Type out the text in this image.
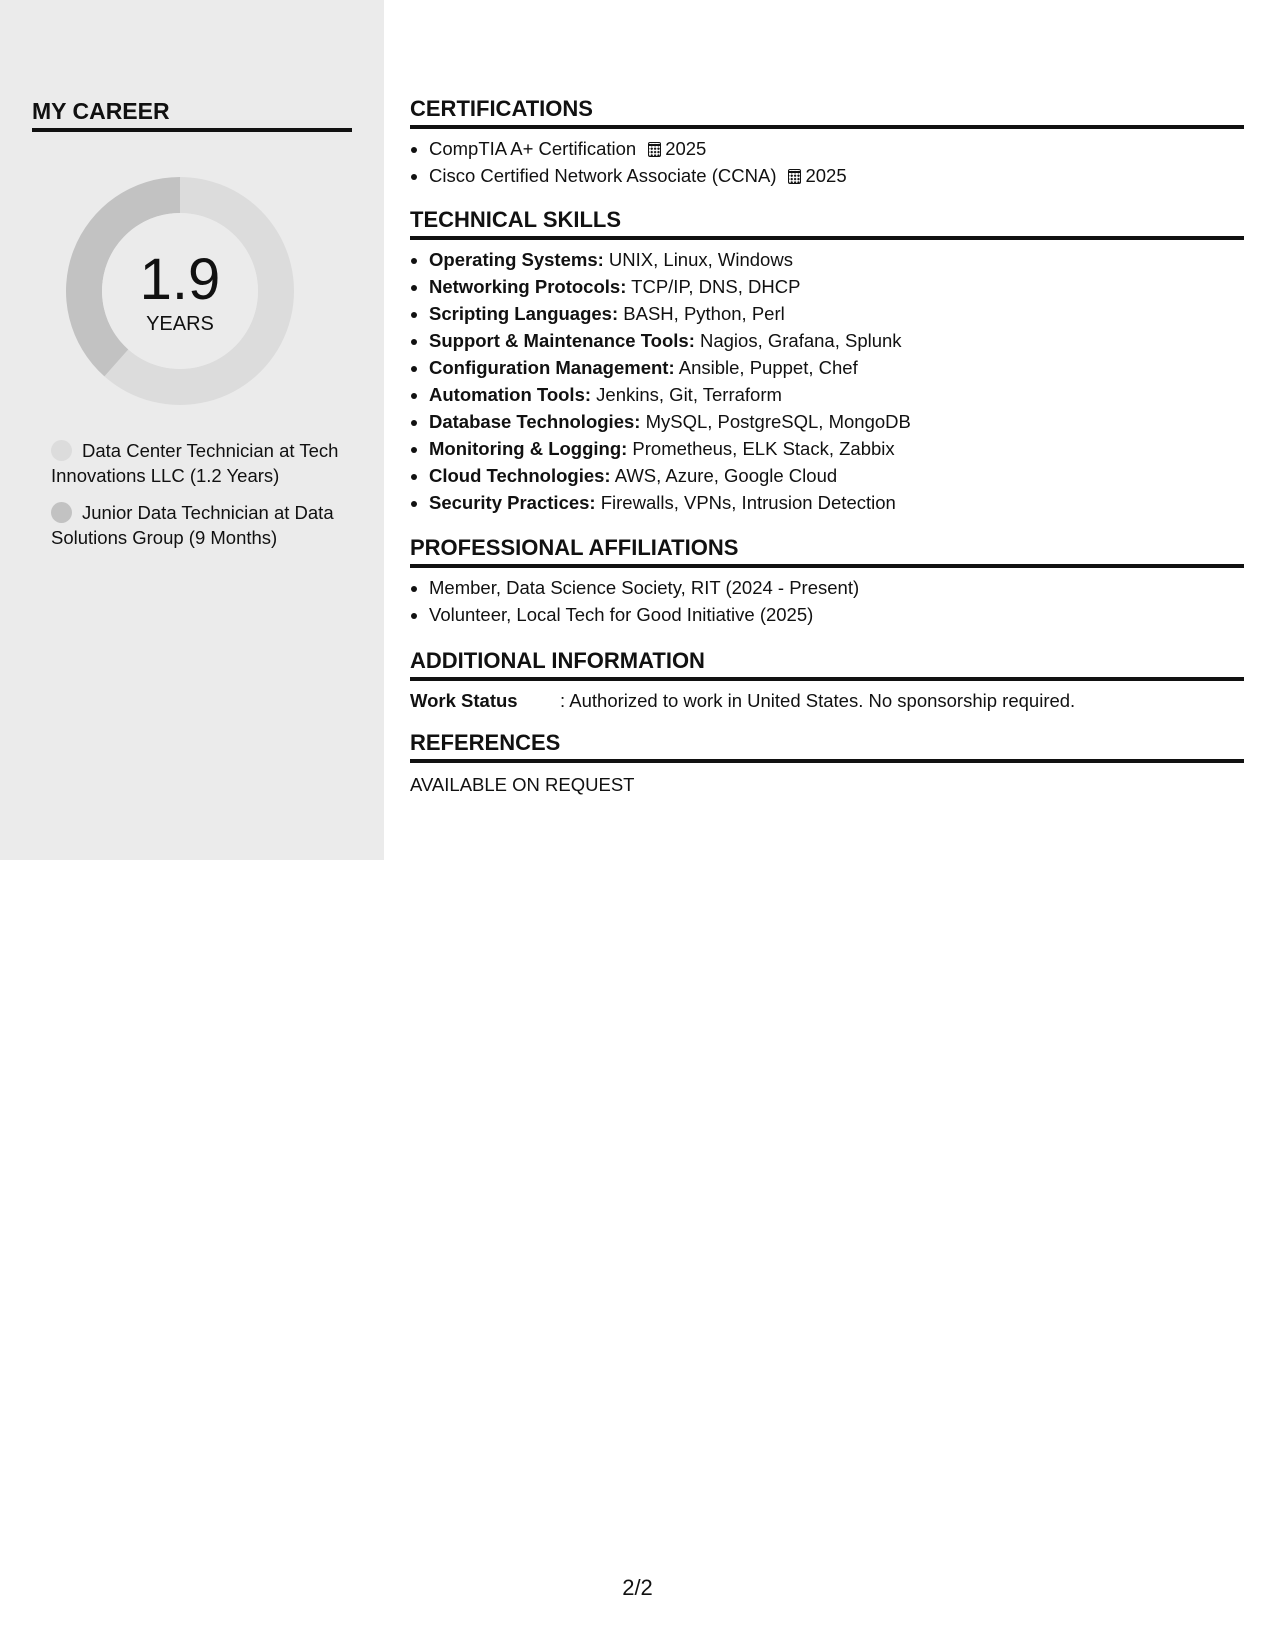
MY CAREER
1.9
YEARS
Data Center Technician at Tech Innovations LLC (1.2 Years)
Junior Data Technician at Data Solutions Group (9 Months)
CERTIFICATIONS
• CompTIA A+ Certification 2025
• Cisco Certified Network Associate (CCNA) 2025
TECHNICAL SKILLS
• Operating Systems: UNIX, Linux, Windows
• Networking Protocols: TCP/IP, DNS, DHCP
• Scripting Languages: BASH, Python, Perl
• Support & Maintenance Tools: Nagios, Grafana, Splunk
• Configuration Management: Ansible, Puppet, Chef
• Automation Tools: Jenkins, Git, Terraform
• Database Technologies: MySQL, PostgreSQL, MongoDB
• Monitoring & Logging: Prometheus, ELK Stack, Zabbix
• Cloud Technologies: AWS, Azure, Google Cloud
• Security Practices: Firewalls, VPNs, Intrusion Detection
PROFESSIONAL AFFILIATIONS
• Member, Data Science Society, RIT (2024 - Present)
• Volunteer, Local Tech for Good Initiative (2025)
ADDITIONAL INFORMATION
Work Status : Authorized to work in United States. No sponsorship required.
REFERENCES
AVAILABLE ON REQUEST
2/2
